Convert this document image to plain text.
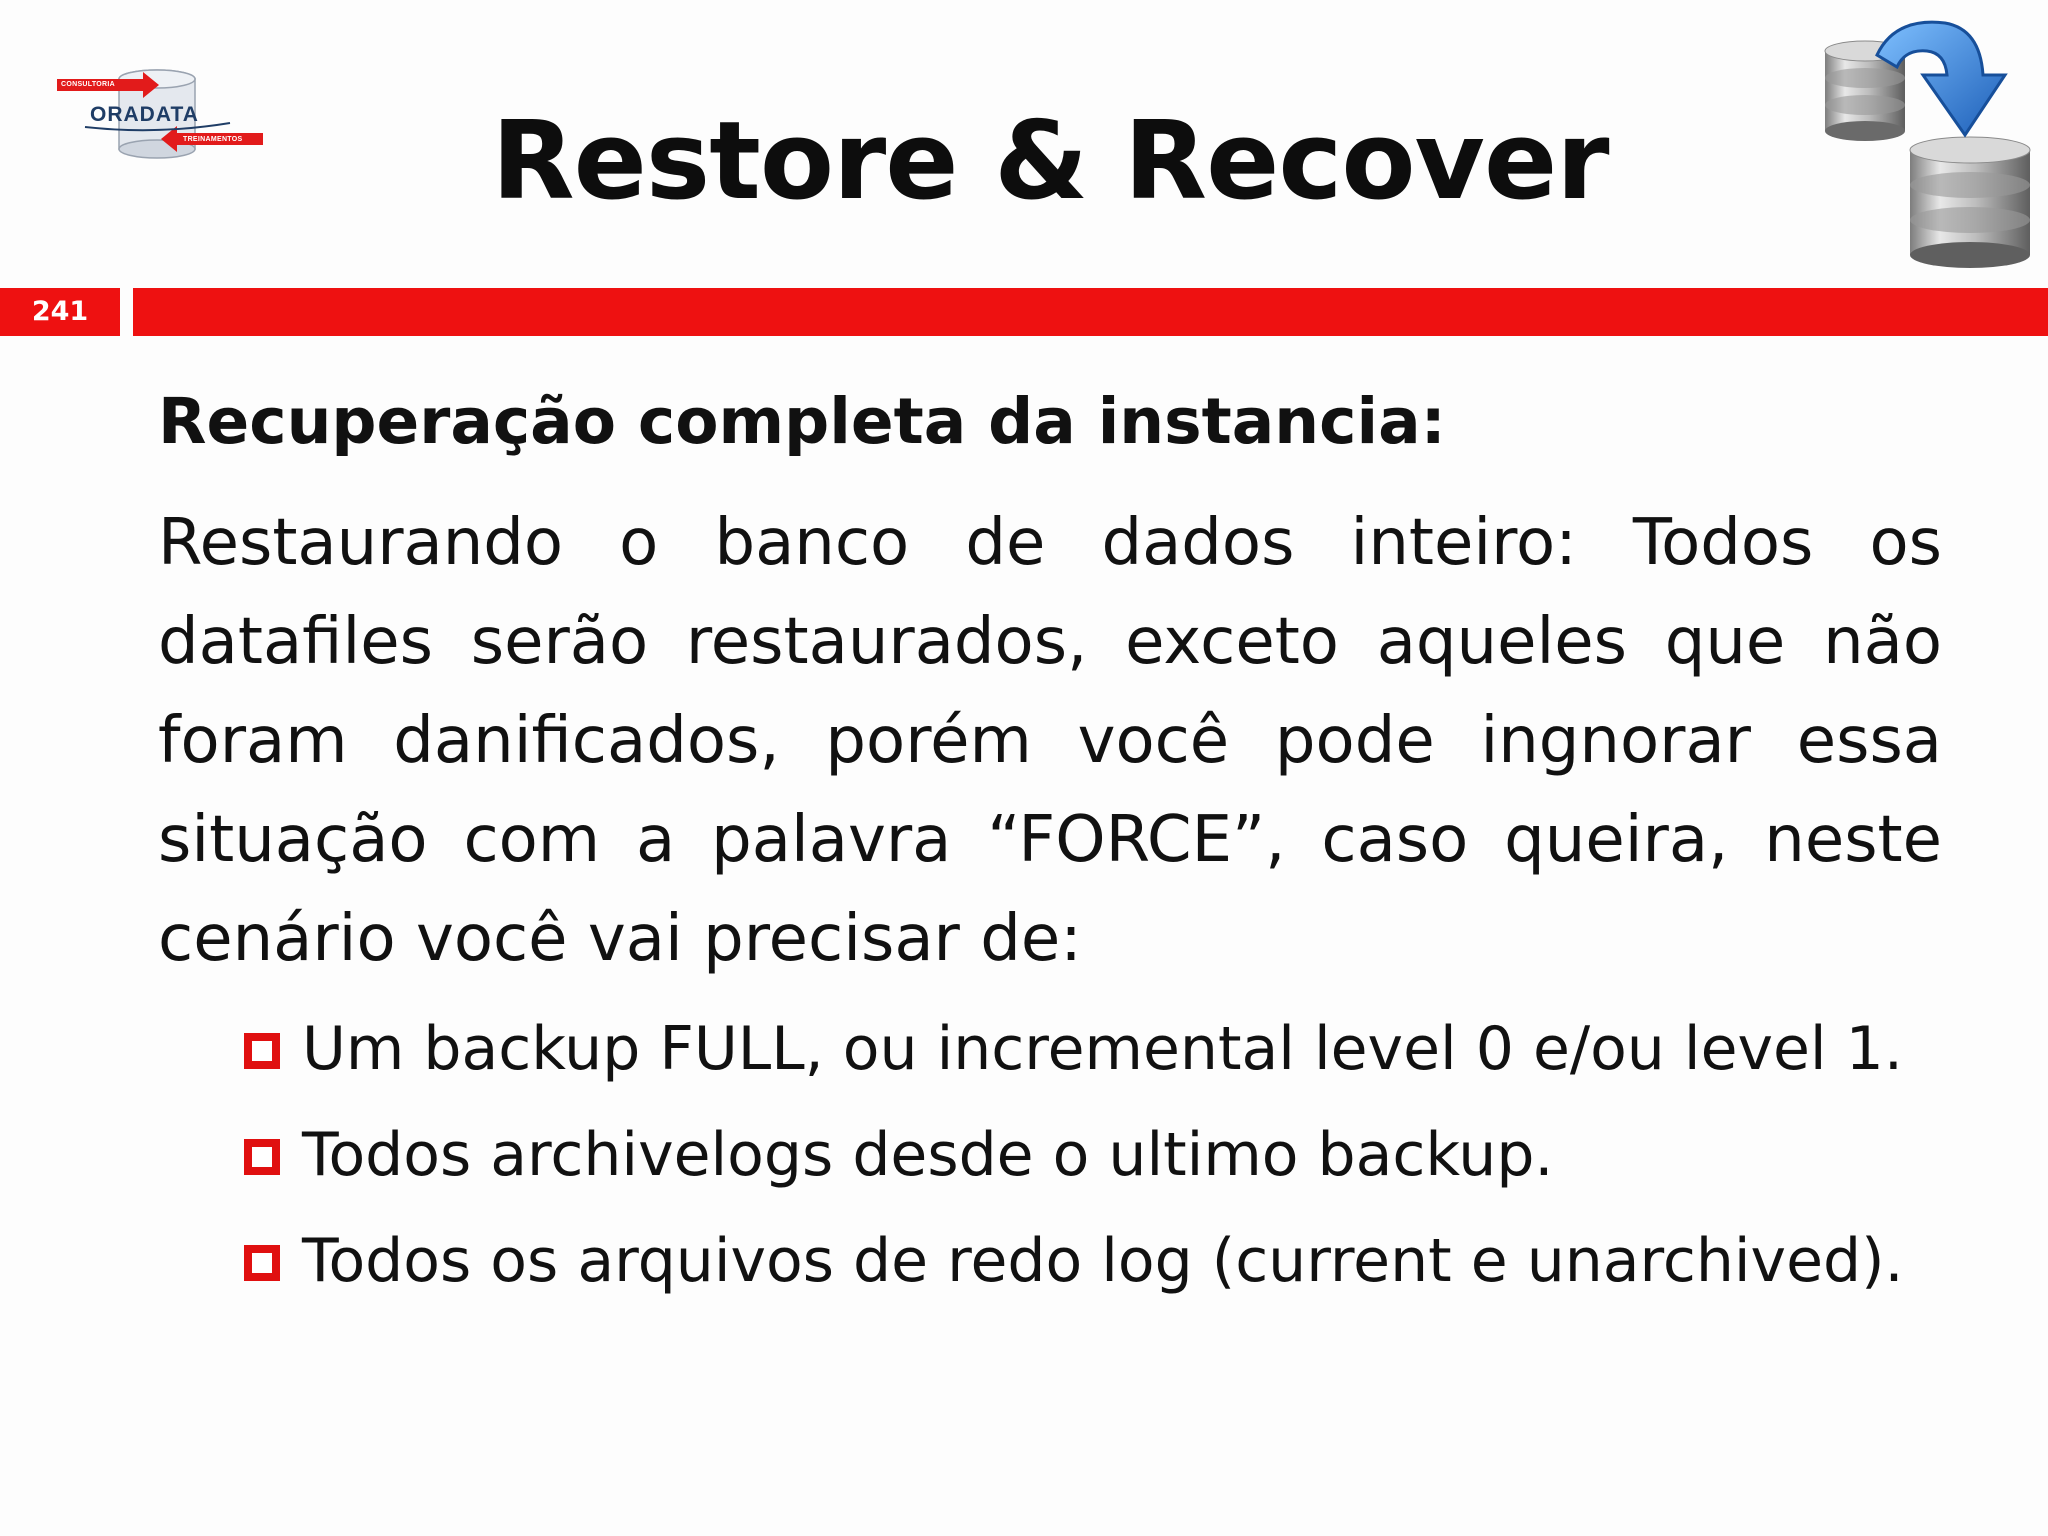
CONSULTORIA
ORADATA
TREINAMENTOS	Restore & Recover
241
Recuperação completa da instancia:
Restaurando o banco de dados inteiro: Todos os datafiles serão restaurados, exceto aqueles que não foram danificados, porém você pode ingnorar essa situação com a palavra “FORCE”, caso queira, neste cenário você vai precisar de:
Um backup FULL, ou incremental level 0 e/ou level 1.
Todos archivelogs desde o ultimo backup.
Todos os arquivos de redo log (current e unarchived).
